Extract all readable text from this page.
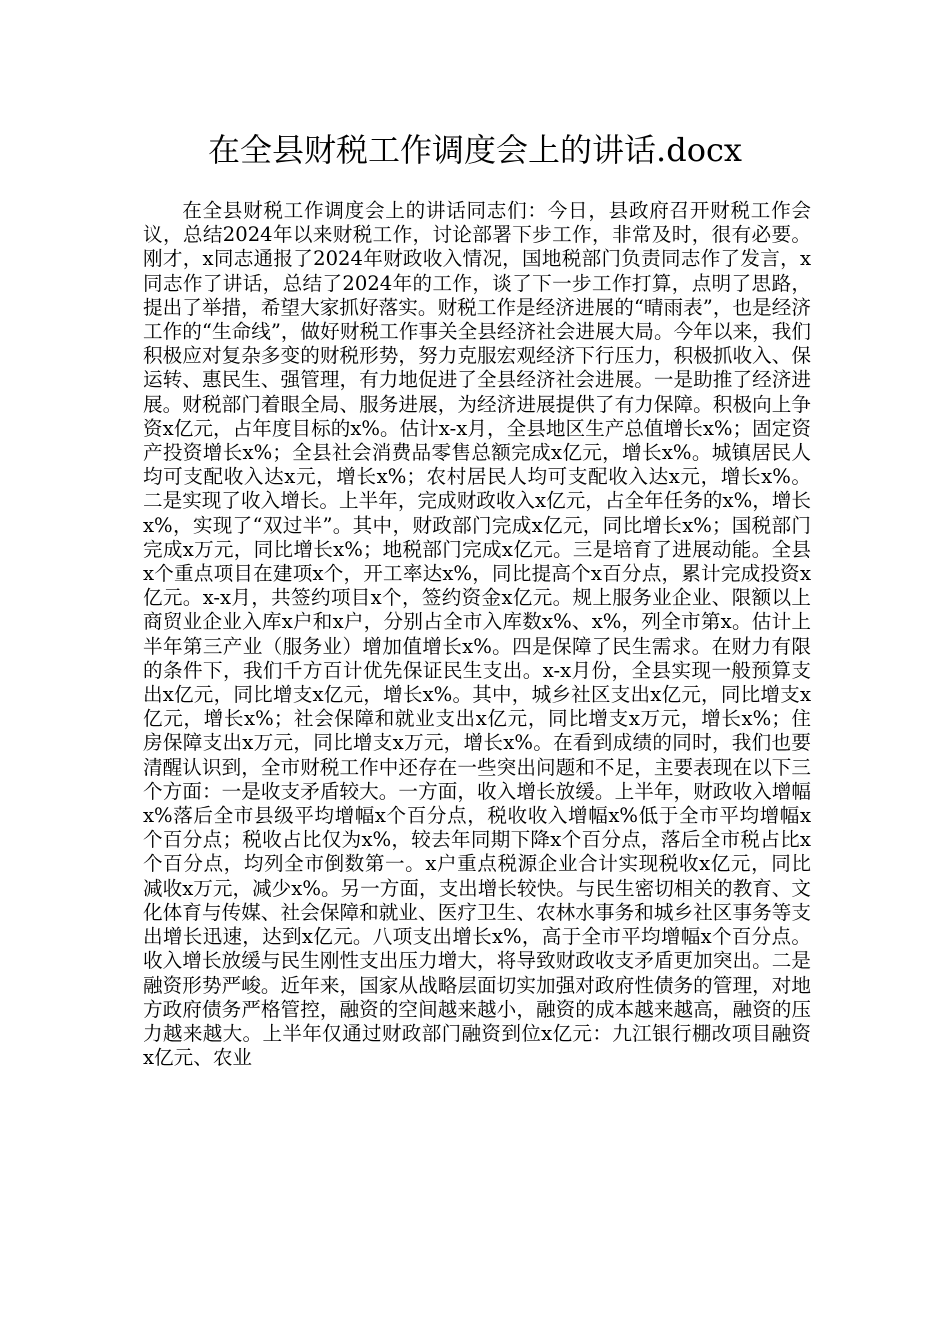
在全县财税工作调度会上的讲话.docx

在全县财税工作调度会上的讲话同志们：今日，县政府召开财税工作会议，总结2024年以来财税工作，讨论部署下步工作，非常及时，很有必要。刚才，x同志通报了2024年财政收入情况，国地税部门负责同志作了发言，x同志作了讲话，总结了2024年的工作，谈了下一步工作打算，点明了思路，提出了举措，希望大家抓好落实。财税工作是经济进展的“晴雨表”，也是经济工作的“生命线”，做好财税工作事关全县经济社会进展大局。今年以来，我们积极应对复杂多变的财税形势，努力克服宏观经济下行压力，积极抓收入、保运转、惠民生、强管理，有力地促进了全县经济社会进展。一是助推了经济进展。财税部门着眼全局、服务进展，为经济进展提供了有力保障。积极向上争资x亿元，占年度目标的x%。估计x-x月，全县地区生产总值增长x%；固定资产投资增长x%；全县社会消费品零售总额完成x亿元，增长x%。城镇居民人均可支配收入达x元，增长x%；农村居民人均可支配收入达x元，增长x%。二是实现了收入增长。上半年，完成财政收入x亿元，占全年任务的x%，增长x%，实现了“双过半”。其中，财政部门完成x亿元，同比增长x%；国税部门完成x万元，同比增长x%；地税部门完成x亿元。三是培育了进展动能。全县x个重点项目在建项x个，开工率达x%，同比提高个x百分点，累计完成投资x亿元。x-x月，共签约项目x个，签约资金x亿元。规上服务业企业、限额以上商贸业企业入库x户和x户，分别占全市入库数x%、x%，列全市第x。估计上半年第三产业（服务业）增加值增长x%。四是保障了民生需求。在财力有限的条件下，我们千方百计优先保证民生支出。x-x月份，全县实现一般预算支出x亿元，同比增支x亿元，增长x%。其中，城乡社区支出x亿元，同比增支x亿元，增长x%；社会保障和就业支出x亿元，同比增支x万元，增长x%；住房保障支出x万元，同比增支x万元，增长x%。在看到成绩的同时，我们也要清醒认识到，全市财税工作中还存在一些突出问题和不足，主要表现在以下三个方面：一是收支矛盾较大。一方面，收入增长放缓。上半年，财政收入增幅x%落后全市县级平均增幅x个百分点，税收收入增幅x%低于全市平均增幅x个百分点；税收占比仅为x%，较去年同期下降x个百分点，落后全市税占比x个百分点，均列全市倒数第一。x户重点税源企业合计实现税收x亿元，同比减收x万元，减少x%。另一方面，支出增长较快。与民生密切相关的教育、文化体育与传媒、社会保障和就业、医疗卫生、农林水事务和城乡社区事务等支出增长迅速，达到x亿元。八项支出增长x%，高于全市平均增幅x个百分点。收入增长放缓与民生刚性支出压力增大，将导致财政收支矛盾更加突出。二是融资形势严峻。近年来，国家从战略层面切实加强对政府性债务的管理，对地方政府债务严格管控，融资的空间越来越小，融资的成本越来越高，融资的压力越来越大。上半年仅通过财政部门融资到位x亿元：九江银行棚改项目融资x亿元、农业
